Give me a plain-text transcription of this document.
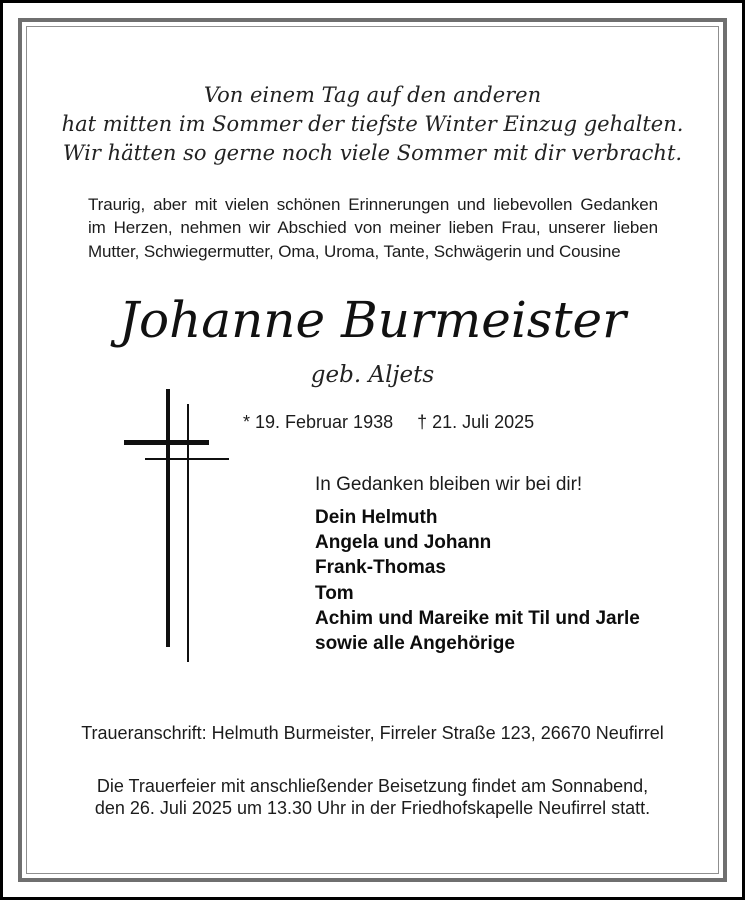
Von einem Tag auf den anderen
hat mitten im Sommer der tiefste Winter Einzug gehalten.
Wir hätten so gerne noch viele Sommer mit dir verbracht.
Traurig, aber mit vielen schönen Erinnerungen und liebevollen Gedanken
im Herzen, nehmen wir Abschied von meiner lieben Frau, unserer lieben
Mutter, Schwiegermutter, Oma, Uroma, Tante, Schwägerin und Cousine
Johanne Burmeister
geb. Aljets
* 19. Februar 1938 † 21. Juli 2025
In Gedanken bleiben wir bei dir!
Dein Helmuth
Angela und Johann
Frank-Thomas
Tom
Achim und Mareike mit Til und Jarle
sowie alle Angehörige
Traueranschrift: Helmuth Burmeister, Firreler Straße 123, 26670 Neufirrel
Die Trauerfeier mit anschließender Beisetzung findet am Sonnabend,
den 26. Juli 2025 um 13.30 Uhr in der Friedhofskapelle Neufirrel statt.
